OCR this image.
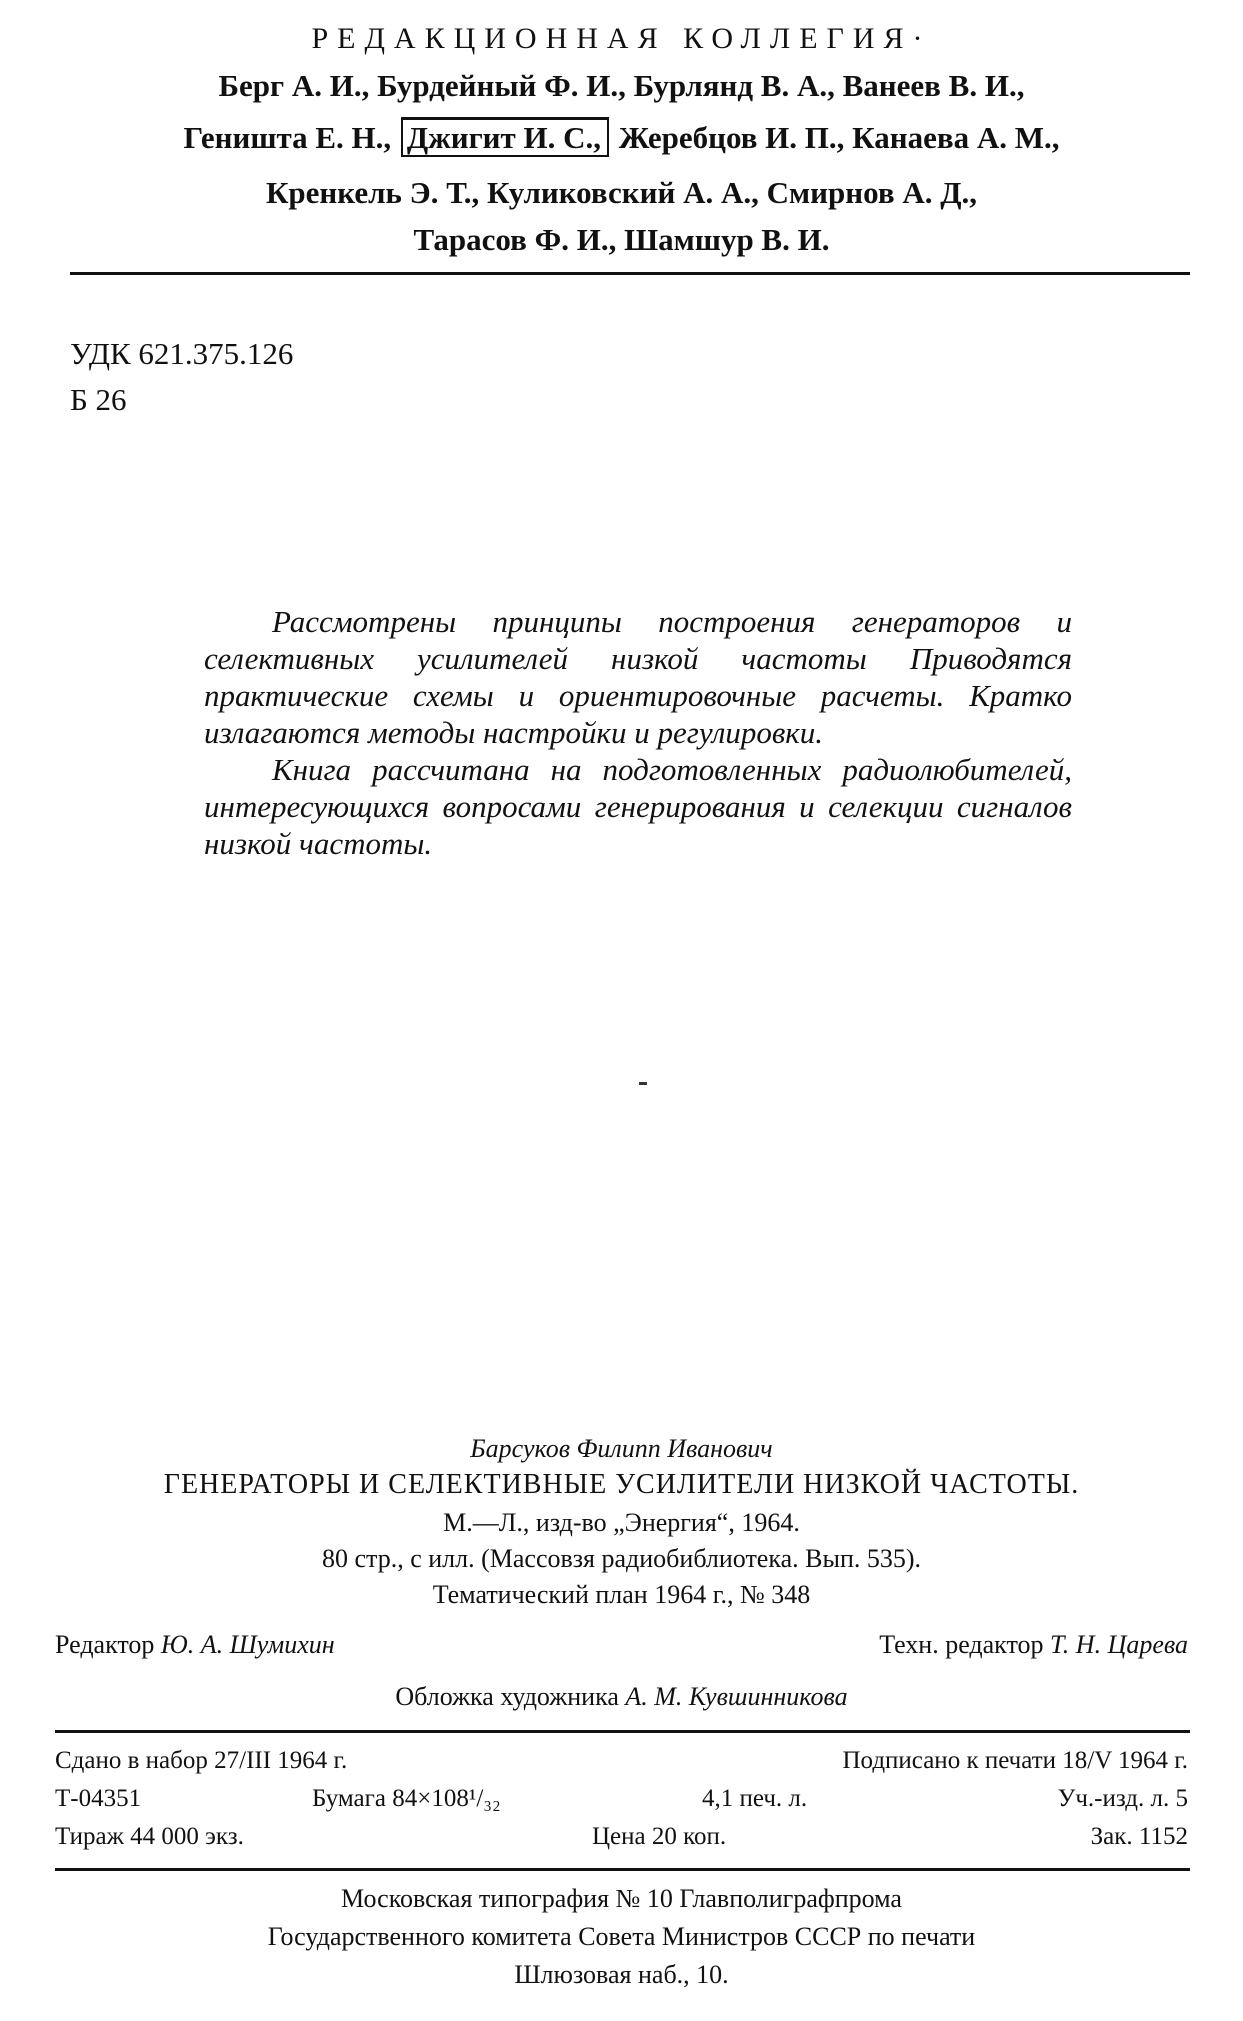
РЕДАКЦИОННАЯ КОЛЛЕГИЯ·
Берг А. И., Бурдейный Ф. И., Бурлянд В. А., Ванеев В. И.,
Геништа Е. Н., Джигит И. С., Жеребцов И. П., Канаева А. М.,
Кренкель Э. Т., Куликовский А. А., Смирнов А. Д.,
Тарасов Ф. И., Шамшур В. И.
УДК 621.375.126
Б 26

Рассмотрены принципы построения генераторов и селективных усилителей низкой частоты Приводятся практические схемы и ориентировочные расчеты. Кратко излагаются методы настройки и регулировки.

Книга рассчитана на подготовленных радиолюбителей, интересующихся вопросами генерирования и селекции сигналов низкой частоты.

Барсуков Филипп Иванович
ГЕНЕРАТОРЫ И СЕЛЕКТИВНЫЕ УСИЛИТЕЛИ НИЗКОЙ ЧАСТОТЫ.
М.—Л., изд-во „Энергия“, 1964.
80 стр., с илл. (Массовзя радиобиблиотека. Вып. 535).
Тематический план 1964 г., № 348
Редактор Ю. А. Шумихин	Техн. редактор Т. Н. Царева
Обложка художника А. М. Кувшинникова
Сдано в набор 27/III 1964 г.	Подписано к печати 18/V 1964 г.
Т-04351	Бумага 84×108¹/₃₂	4,1 печ. л.	Уч.-изд. л. 5
Тираж 44 000 экз.	Цена 20 коп.	Зак. 1152
Московская типография № 10 Главполиграфпрома
Государственного комитета Совета Министров СССР по печати
Шлюзовая наб., 10.
